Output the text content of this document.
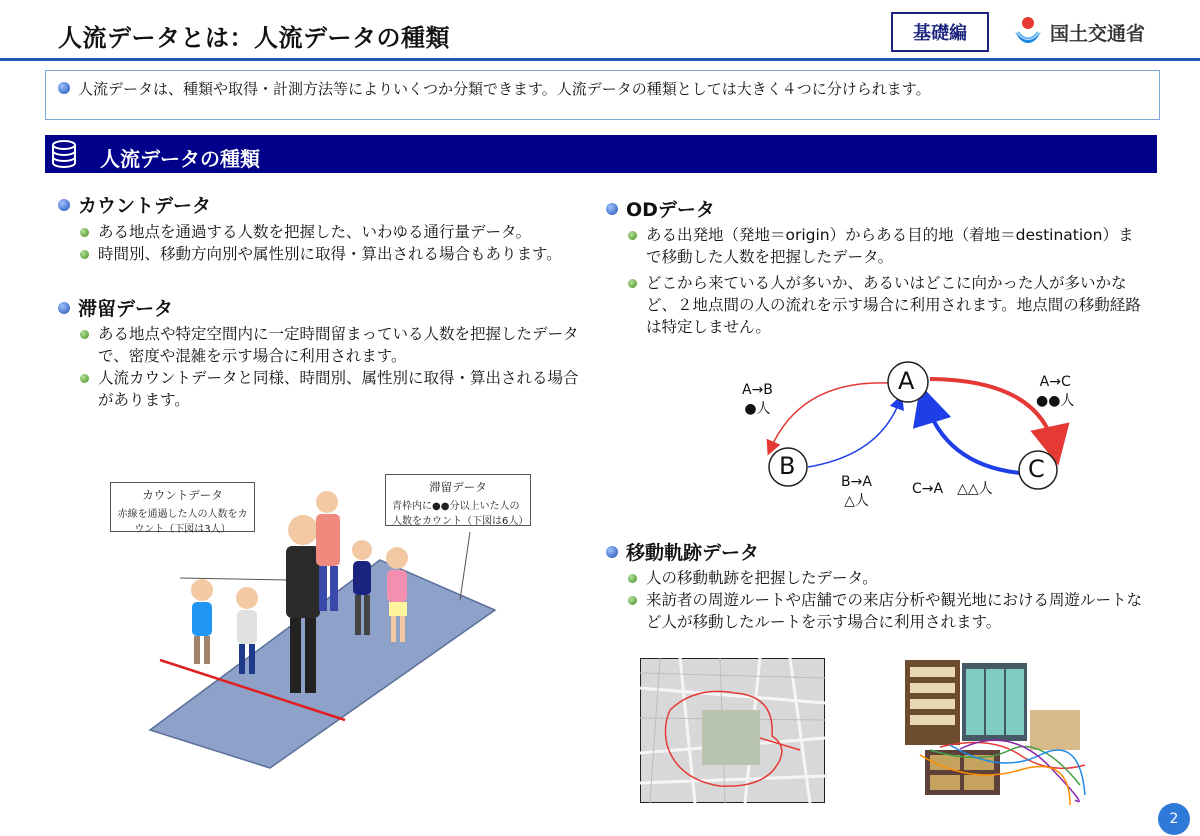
人流データとは：人流データの種類	基礎編	国土交通省
人流データは、種類や取得・計測方法等によりいくつか分類できます。人流データの種類としては大きく４つに分けられます。
人流データの種類
カウントデータ
ある地点を通過する人数を把握した、いわゆる通行量データ。
時間別、移動方向別や属性別に取得・算出される場合もあります。
滞留データ
ある地点や特定空間内に一定時間留まっている人数を把握したデータで、密度や混雑を示す場合に利用されます。
人流カウントデータと同様、時間別、属性別に取得・算出される場合があります。
カウントデータ
赤線を通過した人の人数をカウント（下図は3人）
滞留データ
青枠内に●●分以上いた人の人数をカウント（下図は6人）
ODデータ
ある出発地（発地＝origin）からある目的地（着地＝destination）まで移動した人数を把握したデータ。
どこから来ている人が多いか、あるいはどこに向かった人が多いかなど、２地点間の人の流れを示す場合に利用されます。地点間の移動経路は特定しません。
A
B	C
A→B
●人
A→C
●●人
B→A
△人
C→A　△△人
移動軌跡データ
人の移動軌跡を把握したデータ。
来訪者の周遊ルートや店舗での来店分析や観光地における周遊ルートなど人が移動したルートを示す場合に利用されます。
2
